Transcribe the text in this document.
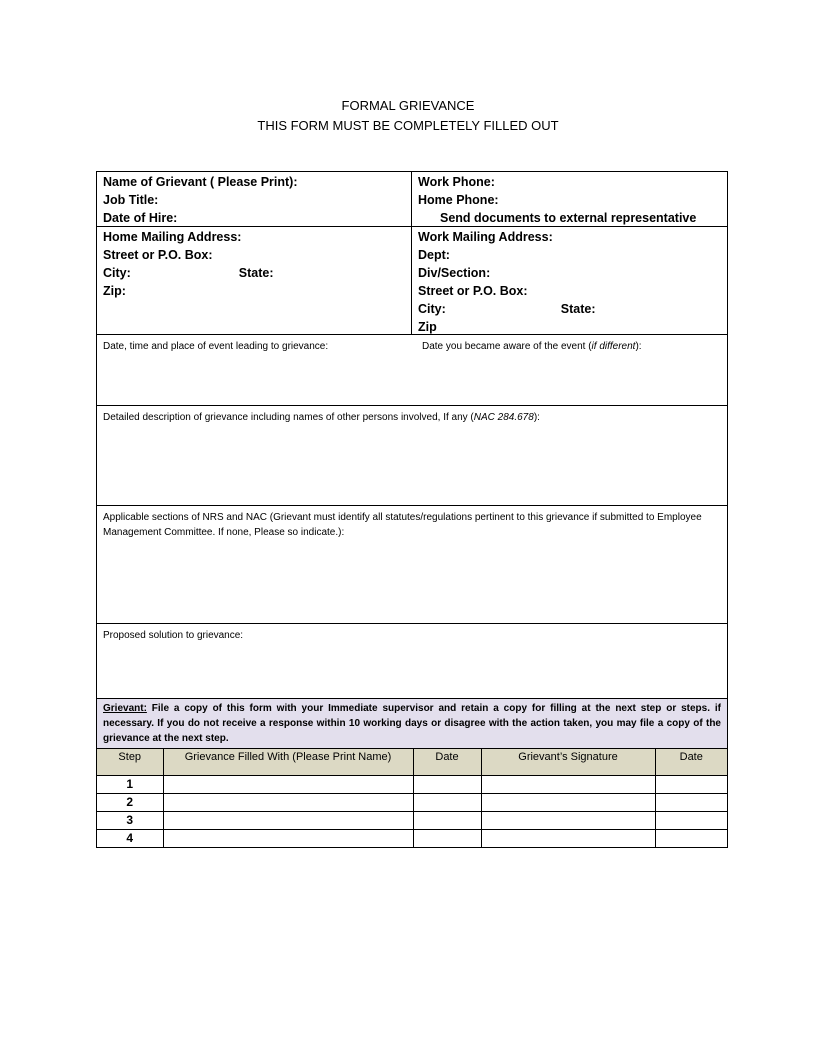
FORMAL GRIEVANCE
THIS FORM MUST BE COMPLETELY FILLED OUT
Name of Grievant ( Please Print):
Job Title:
Date of Hire:
Work Phone:
Home Phone:
Send documents to external representative
Home Mailing Address:
Street or P.O. Box:
City:	State:
Zip:
Work Mailing Address:
Dept:
Div/Section:
Street or P.O. Box:
City:	State:
Zip
Date, time and place of event leading to grievance:	Date you became aware of the event (if different):
Detailed description of grievance including names of other persons involved, If any (NAC 284.678):
Applicable sections of NRS and NAC (Grievant must identify all statutes/regulations pertinent to this grievance if submitted to Employee Management Committee. If none, Please so indicate.):
Proposed solution to grievance:
Grievant: File a copy of this form with your Immediate supervisor and retain a copy for filling at the next step or steps. if necessary. If you do not receive a response within 10 working days or disagree with the action taken, you may file a copy of the grievance at the next step.
Step	Grievance Filled With (Please Print Name)	Date	Grievant’s Signature	Date
1				
2				
3				
4				
